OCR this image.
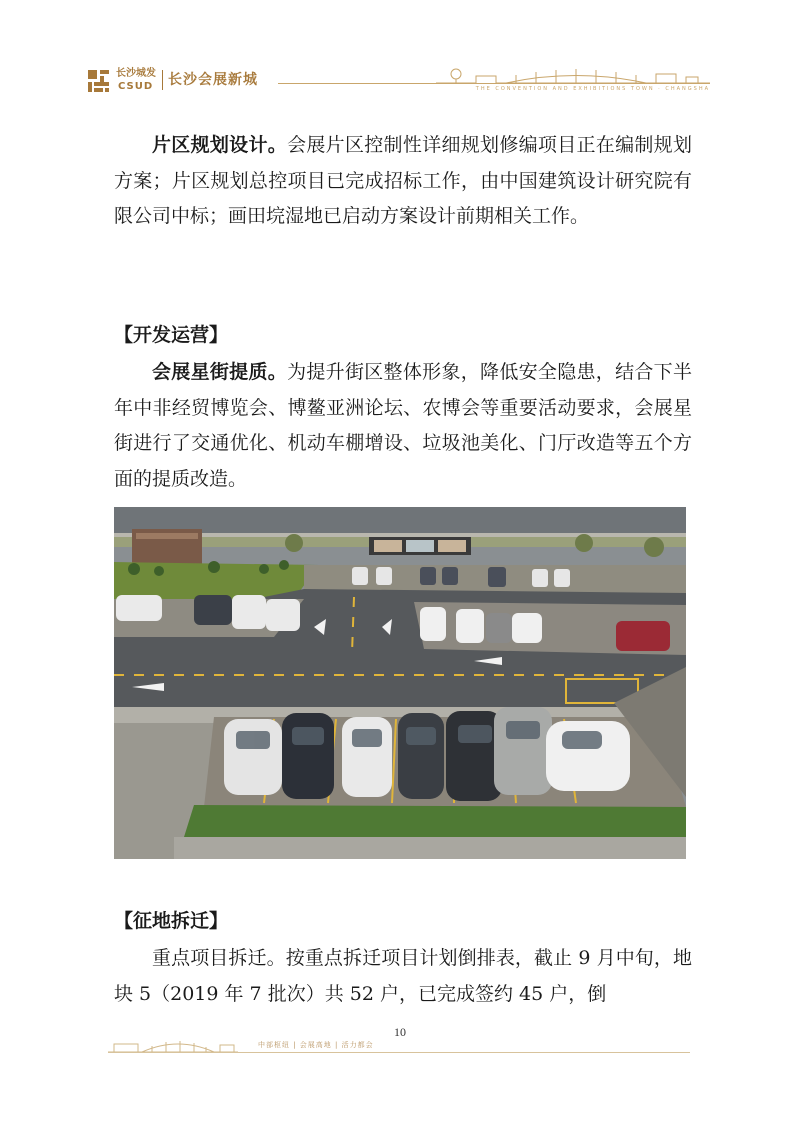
长沙城发
CSUD 长沙会展新城
THE CONVENTION AND EXHIBITIONS TOWN · CHANGSHA

片区规划设计。会展片区控制性详细规划修编项目正在编制规划方案；片区规划总控项目已完成招标工作，由中国建筑设计研究院有限公司中标；画田垸湿地已启动方案设计前期相关工作。

【开发运营】

会展星街提质。为提升街区整体形象，降低安全隐患，结合下半年中非经贸博览会、博鳌亚洲论坛、农博会等重要活动要求，会展星街进行了交通优化、机动车棚增设、垃圾池美化、门厅改造等五个方面的提质改造。

【征地拆迁】

重点项目拆迁。按重点拆迁项目计划倒排表，截止 9 月中旬，地块 5（2019 年 7 批次）共 52 户，已完成签约 45 户，倒

10
中部枢纽 | 会展高地 | 活力都会
